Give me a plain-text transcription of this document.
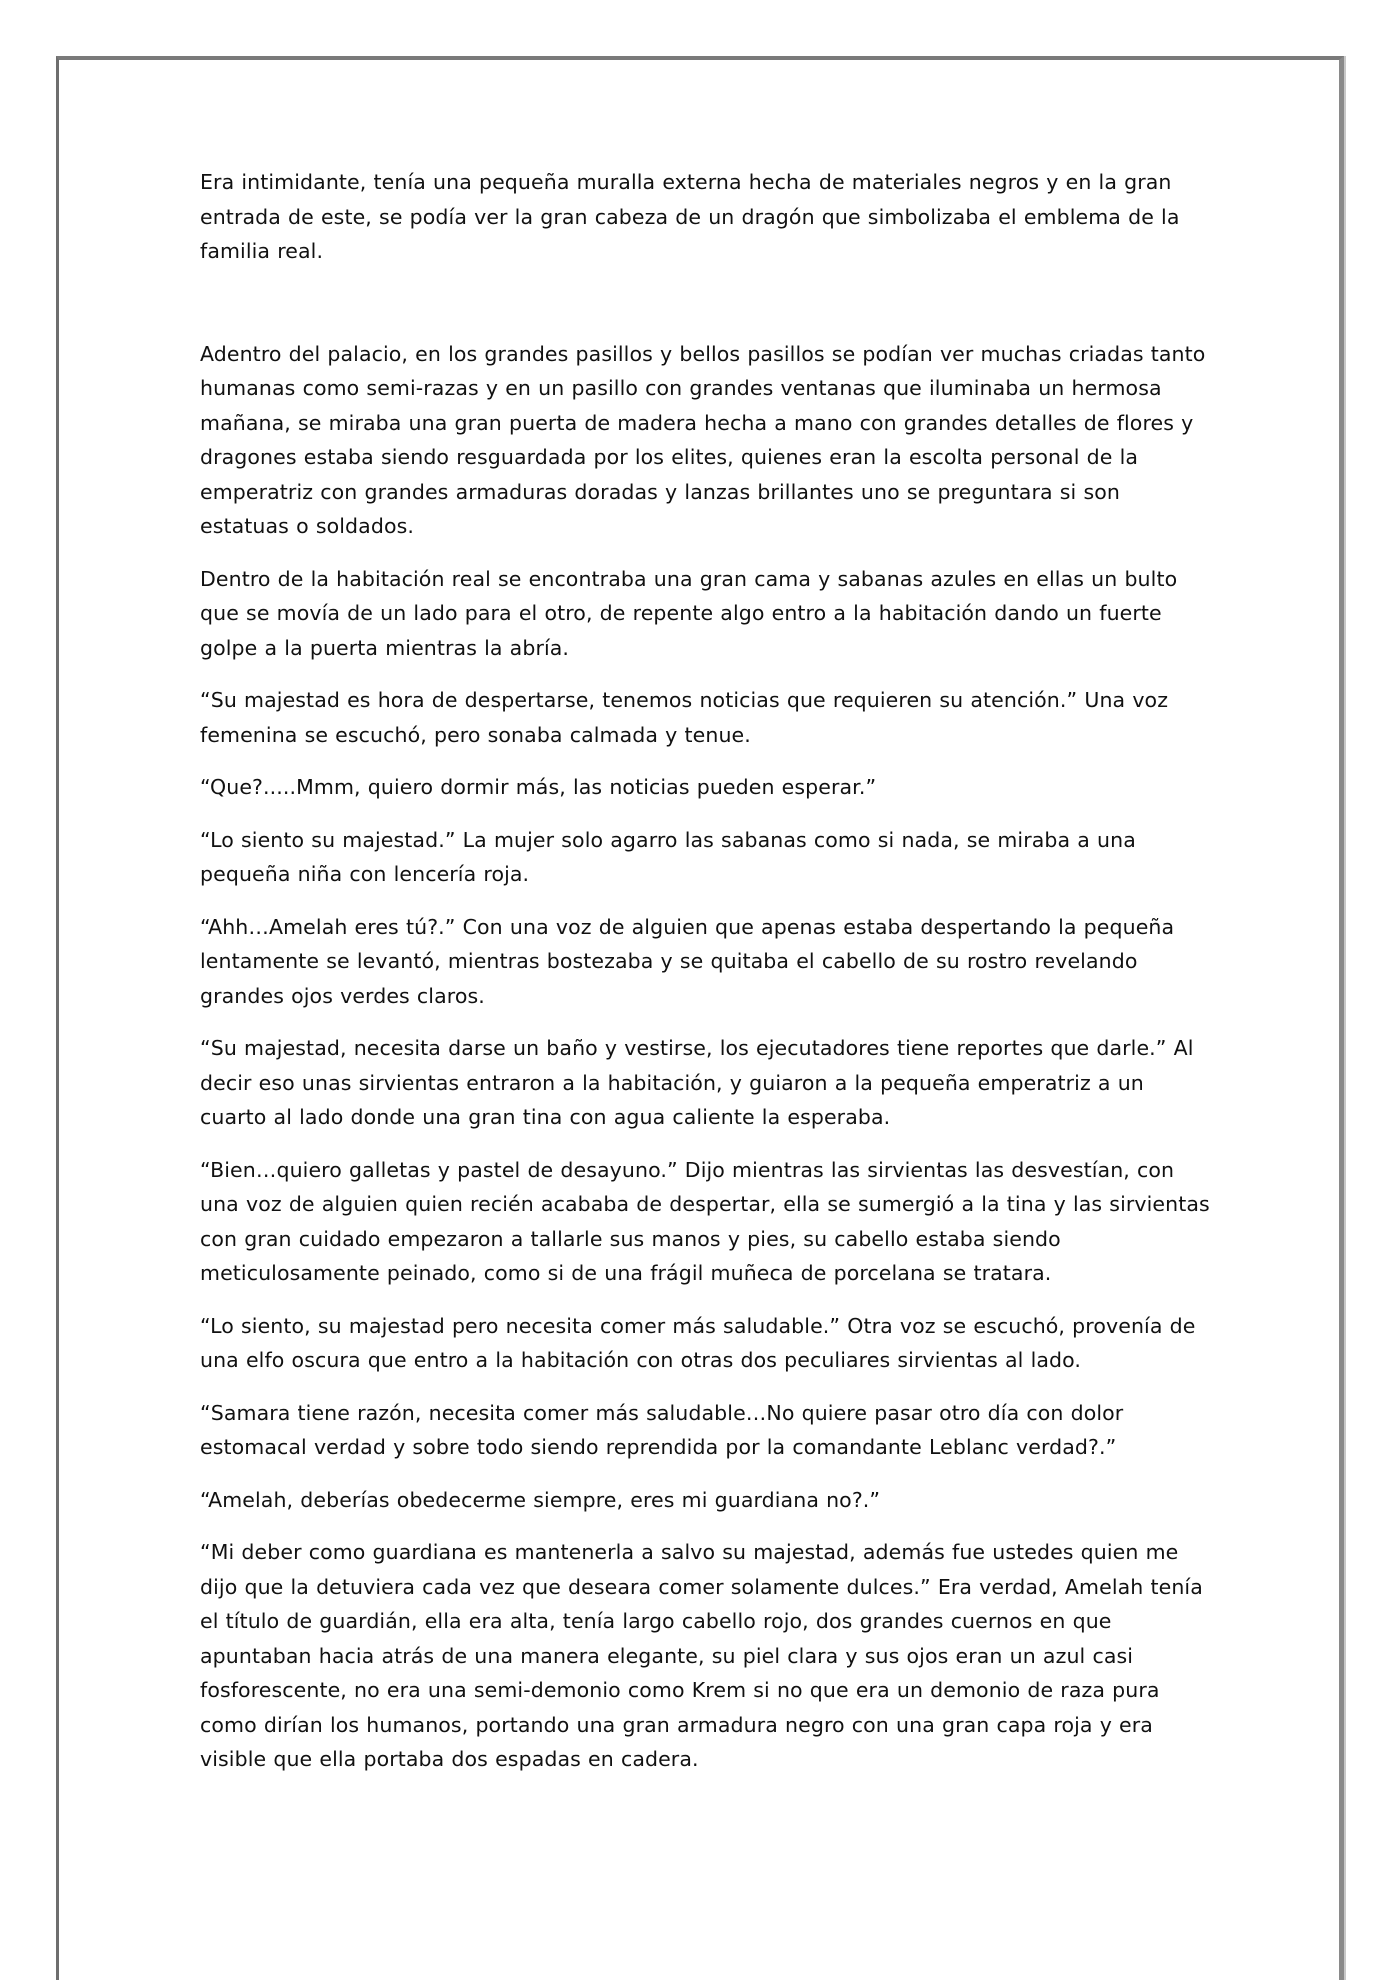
Era intimidante, tenía una pequeña muralla externa hecha de materiales negros y en la gran entrada de este, se podía ver la gran cabeza de un dragón que simbolizaba el emblema de la familia real.

Adentro del palacio, en los grandes pasillos y bellos pasillos se podían ver muchas criadas tanto humanas como semi-razas y en un pasillo con grandes ventanas que iluminaba un hermosa mañana, se miraba una gran puerta de madera hecha a mano con grandes detalles de flores y dragones estaba siendo resguardada por los elites, quienes eran la escolta personal de la emperatriz con grandes armaduras doradas y lanzas brillantes uno se preguntara si son estatuas o soldados.

Dentro de la habitación real se encontraba una gran cama y sabanas azules en ellas un bulto que se movía de un lado para el otro, de repente algo entro a la habitación dando un fuerte golpe a la puerta mientras la abría.

“Su majestad es hora de despertarse, tenemos noticias que requieren su atención.” Una voz femenina se escuchó, pero sonaba calmada y tenue.

“Que?.....Mmm, quiero dormir más, las noticias pueden esperar.”

“Lo siento su majestad.” La mujer solo agarro las sabanas como si nada, se miraba a una pequeña niña con lencería roja.

“Ahh…Amelah eres tú?.” Con una voz de alguien que apenas estaba despertando la pequeña lentamente se levantó, mientras bostezaba y se quitaba el cabello de su rostro revelando grandes ojos verdes claros.

“Su majestad, necesita darse un baño y vestirse, los ejecutadores tiene reportes que darle.” Al decir eso unas sirvientas entraron a la habitación, y guiaron a la pequeña emperatriz a un cuarto al lado donde una gran tina con agua caliente la esperaba.

“Bien…quiero galletas y pastel de desayuno.” Dijo mientras las sirvientas las desvestían, con una voz de alguien quien recién acababa de despertar, ella se sumergió a la tina y las sirvientas con gran cuidado empezaron a tallarle sus manos y pies, su cabello estaba siendo meticulosamente peinado, como si de una frágil muñeca de porcelana se tratara.

“Lo siento, su majestad pero necesita comer más saludable.” Otra voz se escuchó, provenía de una elfo oscura que entro a la habitación con otras dos peculiares sirvientas al lado.

“Samara tiene razón, necesita comer más saludable…No quiere pasar otro día con dolor estomacal verdad y sobre todo siendo reprendida por la comandante Leblanc verdad?.”

“Amelah, deberías obedecerme siempre, eres mi guardiana no?.”

“Mi deber como guardiana es mantenerla a salvo su majestad, además fue ustedes quien me dijo que la detuviera cada vez que deseara comer solamente dulces.” Era verdad, Amelah tenía el título de guardián, ella era alta, tenía largo cabello rojo, dos grandes cuernos en que apuntaban hacia atrás de una manera elegante, su piel clara y sus ojos eran un azul casi fosforescente, no era una semi-demonio como Krem si no que era un demonio de raza pura como dirían los humanos, portando una gran armadura negro con una gran capa roja y era visible que ella portaba dos espadas en cadera.
